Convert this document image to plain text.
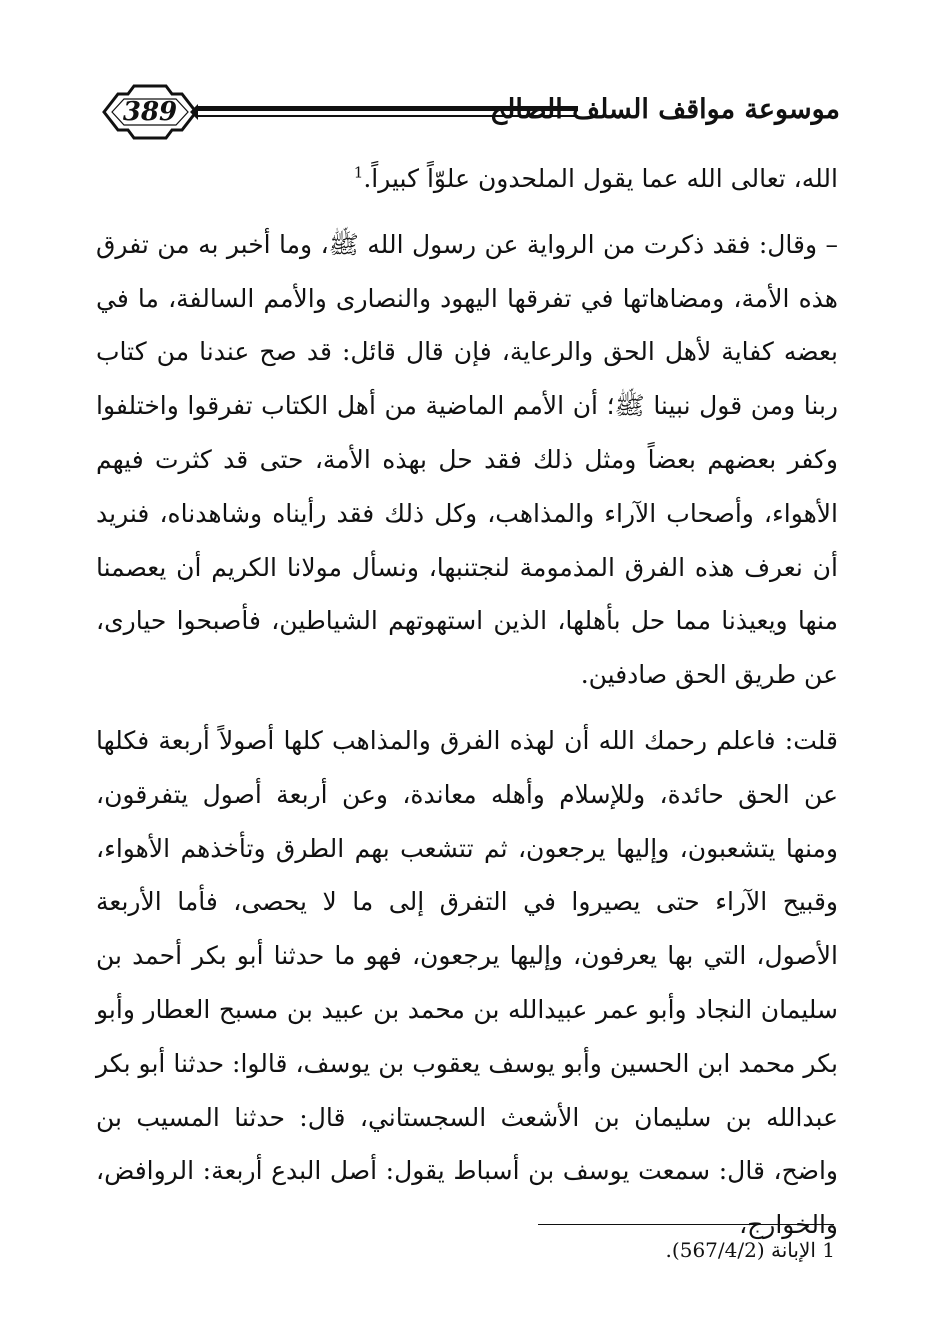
389	موسوعة مواقف السلف الصالح

الله، تعالى الله عما يقول الملحدون علوّاً كبيراً.$^1$

– وقال: فقد ذكرت من الرواية عن رسول الله ﷺ، وما أخبر به من تفرق هذه الأمة، ومضاهاتها في تفرقها اليهود والنصارى والأمم السالفة، ما في بعضه كفاية لأهل الحق والرعاية، فإن قال قائل: قد صح عندنا من كتاب ربنا ومن قول نبينا ﷺ؛ أن الأمم الماضية من أهل الكتاب تفرقوا واختلفوا وكفر بعضهم بعضاً ومثل ذلك فقد حل بهذه الأمة، حتى قد كثرت فيهم الأهواء، وأصحاب الآراء والمذاهب، وكل ذلك فقد رأيناه وشاهدناه، فنريد أن نعرف هذه الفرق المذمومة لنجتنبها، ونسأل مولانا الكريم أن يعصمنا منها ويعيذنا مما حل بأهلها، الذين استهوتهم الشياطين، فأصبحوا حيارى، عن طريق الحق صادفين.

قلت: فاعلم رحمك الله أن لهذه الفرق والمذاهب كلها أصولاً أربعة فكلها عن الحق حائدة، وللإسلام وأهله معاندة، وعن أربعة أصول يتفرقون، ومنها يتشعبون، وإليها يرجعون، ثم تتشعب بهم الطرق وتأخذهم الأهواء، وقبيح الآراء حتى يصيروا في التفرق إلى ما لا يحصى، فأما الأربعة الأصول، التي بها يعرفون، وإليها يرجعون، فهو ما حدثنا أبو بكر أحمد بن سليمان النجاد وأبو عمر عبيدالله بن محمد بن عبيد بن مسبح العطار وأبو بكر محمد ابن الحسين وأبو يوسف يعقوب بن يوسف، قالوا: حدثنا أبو بكر عبدالله بن سليمان بن الأشعث السجستاني، قال: حدثنا المسيب بن واضح، قال: سمعت يوسف بن أسباط يقول: أصل البدع أربعة: الروافض، والخوارج،

1 الإبانة (567/4/2).
